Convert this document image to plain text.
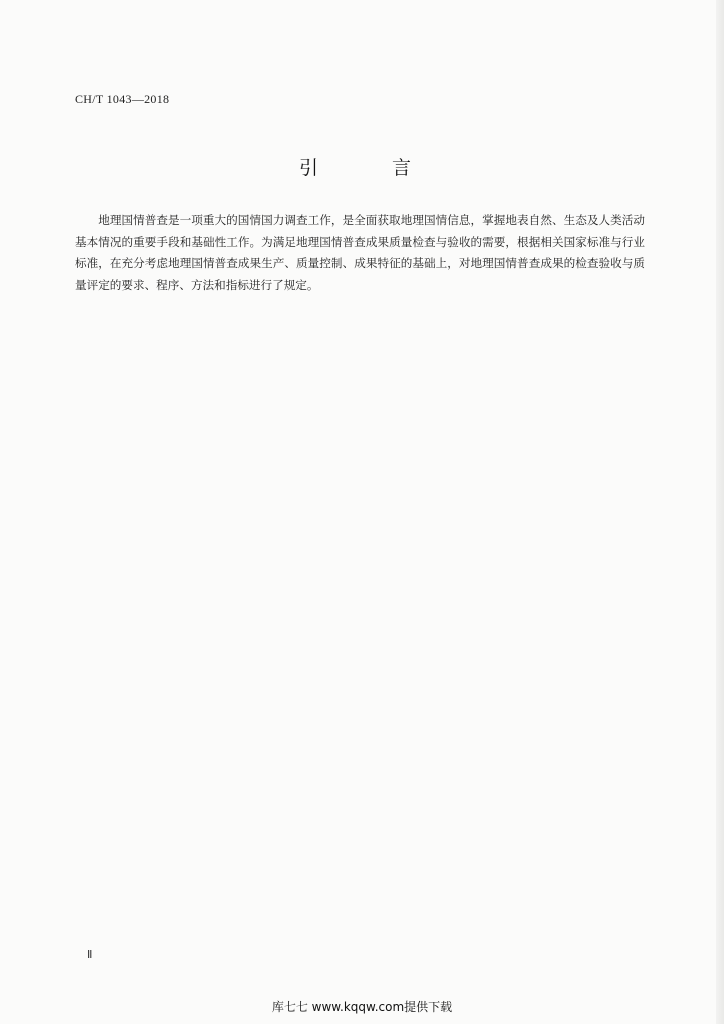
CH/T 1043—2018
引 言

地理国情普查是一项重大的国情国力调查工作，是全面获取地理国情信息，掌握地表自然、生态及人类活动基本情况的重要手段和基础性工作。为满足地理国情普查成果质量检查与验收的需要，根据相关国家标准与行业标准，在充分考虑地理国情普查成果生产、质量控制、成果特征的基础上，对地理国情普查成果的检查验收与质量评定的要求、程序、方法和指标进行了规定。

Ⅱ
库七七 www.kqqw.com提供下载
